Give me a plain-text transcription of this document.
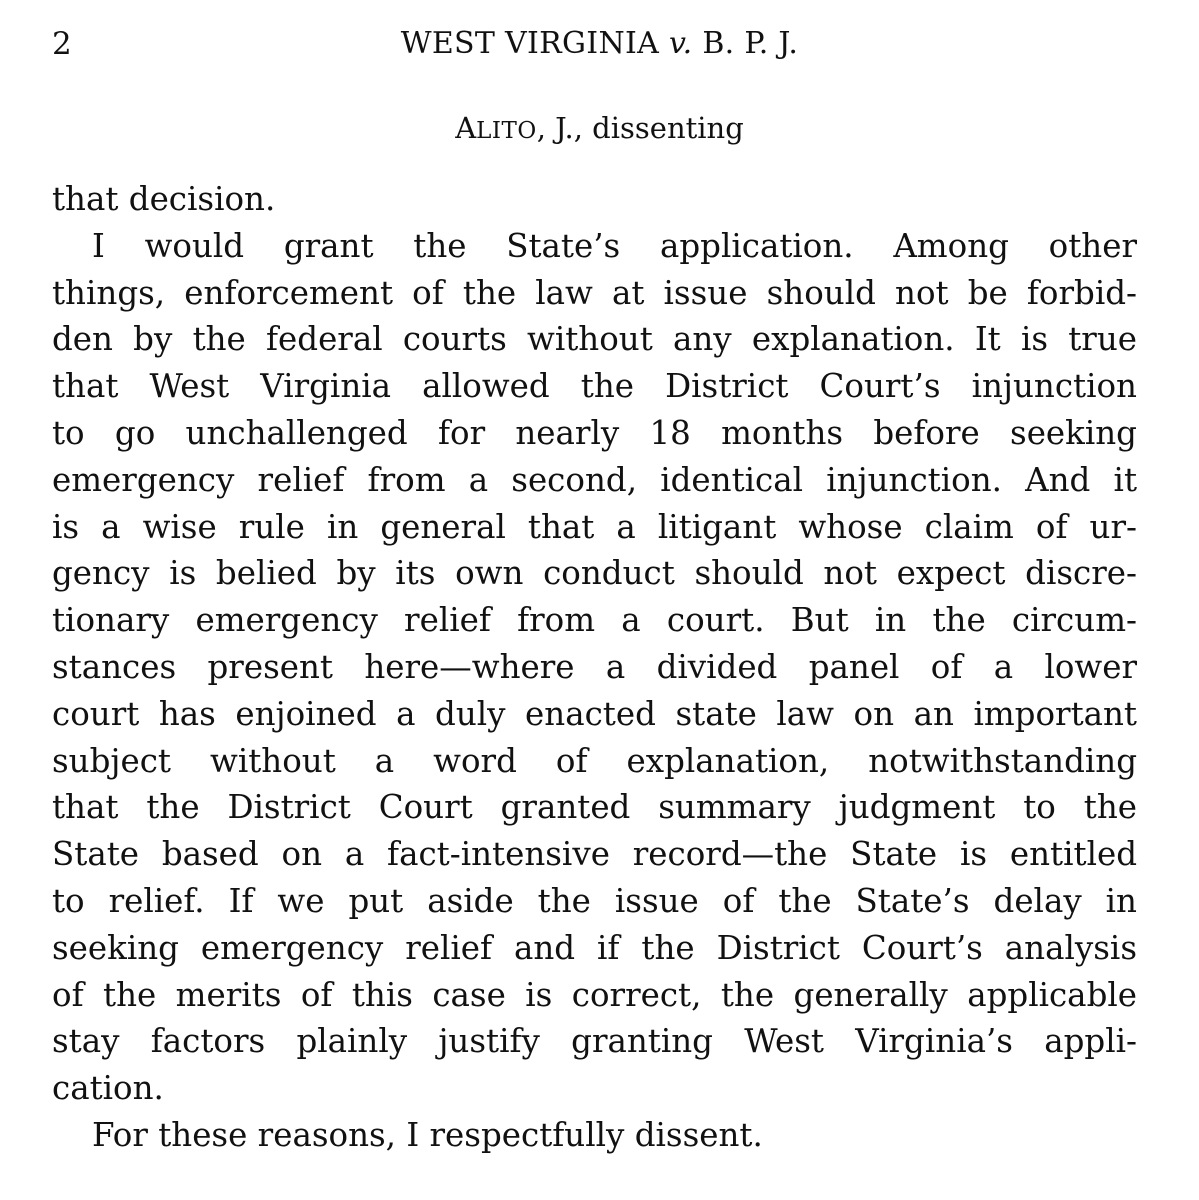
2	WEST VIRGINIA v. B. P. J.
ALITO, J., dissenting
that decision.
I would grant the State’s application. Among other
things, enforcement of the law at issue should not be forbid-
den by the federal courts without any explanation. It is true
that West Virginia allowed the District Court’s injunction
to go unchallenged for nearly 18 months before seeking
emergency relief from a second, identical injunction. And it
is a wise rule in general that a litigant whose claim of ur-
gency is belied by its own conduct should not expect discre-
tionary emergency relief from a court. But in the circum-
stances present here—where a divided panel of a lower
court has enjoined a duly enacted state law on an important
subject without a word of explanation, notwithstanding
that the District Court granted summary judgment to the
State based on a fact-intensive record—the State is entitled
to relief. If we put aside the issue of the State’s delay in
seeking emergency relief and if the District Court’s analysis
of the merits of this case is correct, the generally applicable
stay factors plainly justify granting West Virginia’s appli-
cation.
For these reasons, I respectfully dissent.
